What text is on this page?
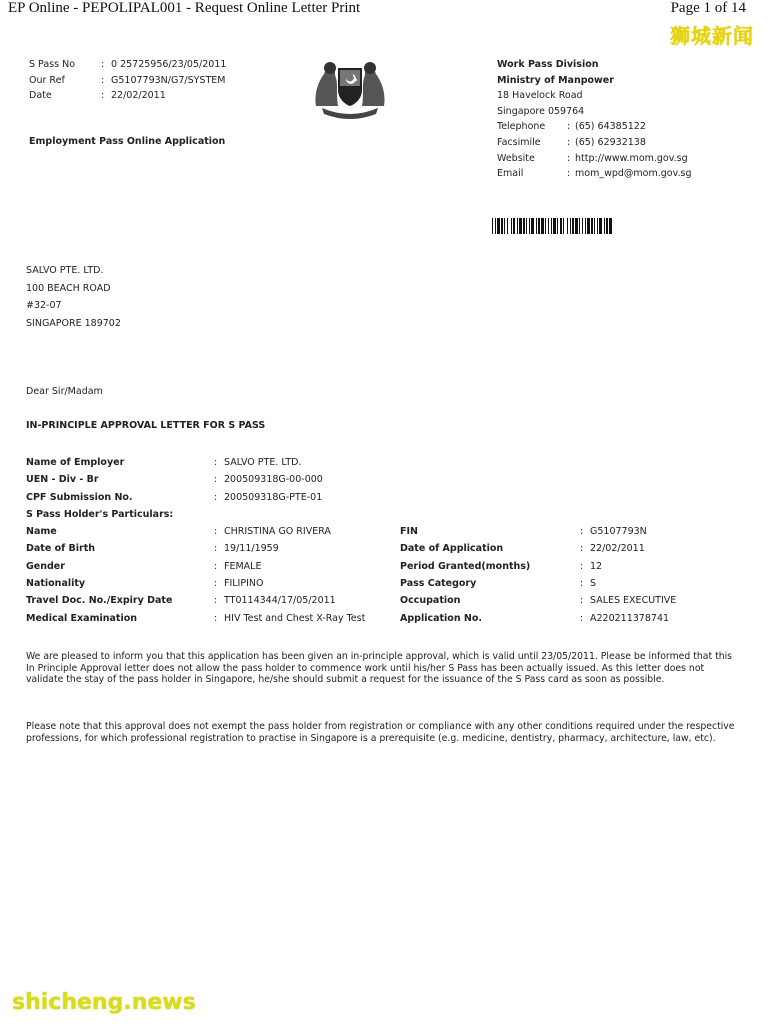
EP Online - PEPOLIPAL001 - Request Online Letter Print	Page 1 of 14
狮城新闻
S Pass No	: 0 25725956/23/05/2011
Our Ref	: G5107793N/G7/SYSTEM
Date	: 22/02/2011
Employment Pass Online Application
Work Pass Division
Ministry of Manpower
18 Havelock Road
Singapore 059764
Telephone	: (65) 64385122
Facsimile	: (65) 62932138
Website	: http://www.mom.gov.sg
Email	: mom_wpd@mom.gov.sg
SALVO PTE. LTD.
100 BEACH ROAD
#32-07
SINGAPORE 189702
Dear Sir/Madam
IN-PRINCIPLE APPROVAL LETTER FOR S PASS
Name of Employer	: SALVO PTE. LTD.
UEN - Div - Br	: 200509318G-00-000
CPF Submission No.	: 200509318G-PTE-01
S Pass Holder's Particulars:
Name	: CHRISTINA GO RIVERA	FIN	: G5107793N
Date of Birth	: 19/11/1959	Date of Application	: 22/02/2011
Gender	: FEMALE	Period Granted(months)	: 12
Nationality	: FILIPINO	Pass Category	: S
Travel Doc. No./Expiry Date	: TT0114344/17/05/2011	Occupation	: SALES EXECUTIVE
Medical Examination	: HIV Test and Chest X-Ray Test	Application No.	: A220211378741
We are pleased to inform you that this application has been given an in-principle approval, which is valid until 23/05/2011. Please be informed that this In Principle Approval letter does not allow the pass holder to commence work until his/her S Pass has been actually issued. As this letter does not validate the stay of the pass holder in Singapore, he/she should submit a request for the issuance of the S Pass card as soon as possible.
Please note that this approval does not exempt the pass holder from registration or compliance with any other conditions required under the respective professions, for which professional registration to practise in Singapore is a prerequisite (e.g. medicine, dentistry, pharmacy, architecture, law, etc).
shicheng.news
